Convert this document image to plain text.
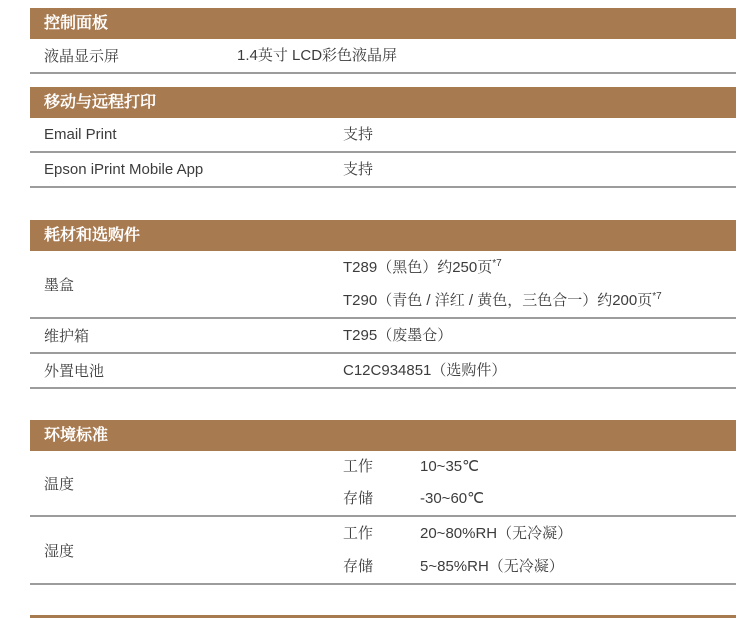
控制面板
液晶显示屏	1.4英寸 LCD彩色液晶屏
移动与远程打印
Email Print	支持
Epson iPrint Mobile App	支持
耗材和选购件
墨盒
T289（黑色）约250页$^{*7}$
T290（青色 / 洋红 / 黄色，三色合一）约200页$^{*7}$
维护箱	T295（废墨仓）
外置电池	C12C934851（选购件）
环境标准
温度
工作	10~35℃
存储	-30~60℃
湿度
工作	20~80%RH（无冷凝）
存储	5~85%RH（无冷凝）
